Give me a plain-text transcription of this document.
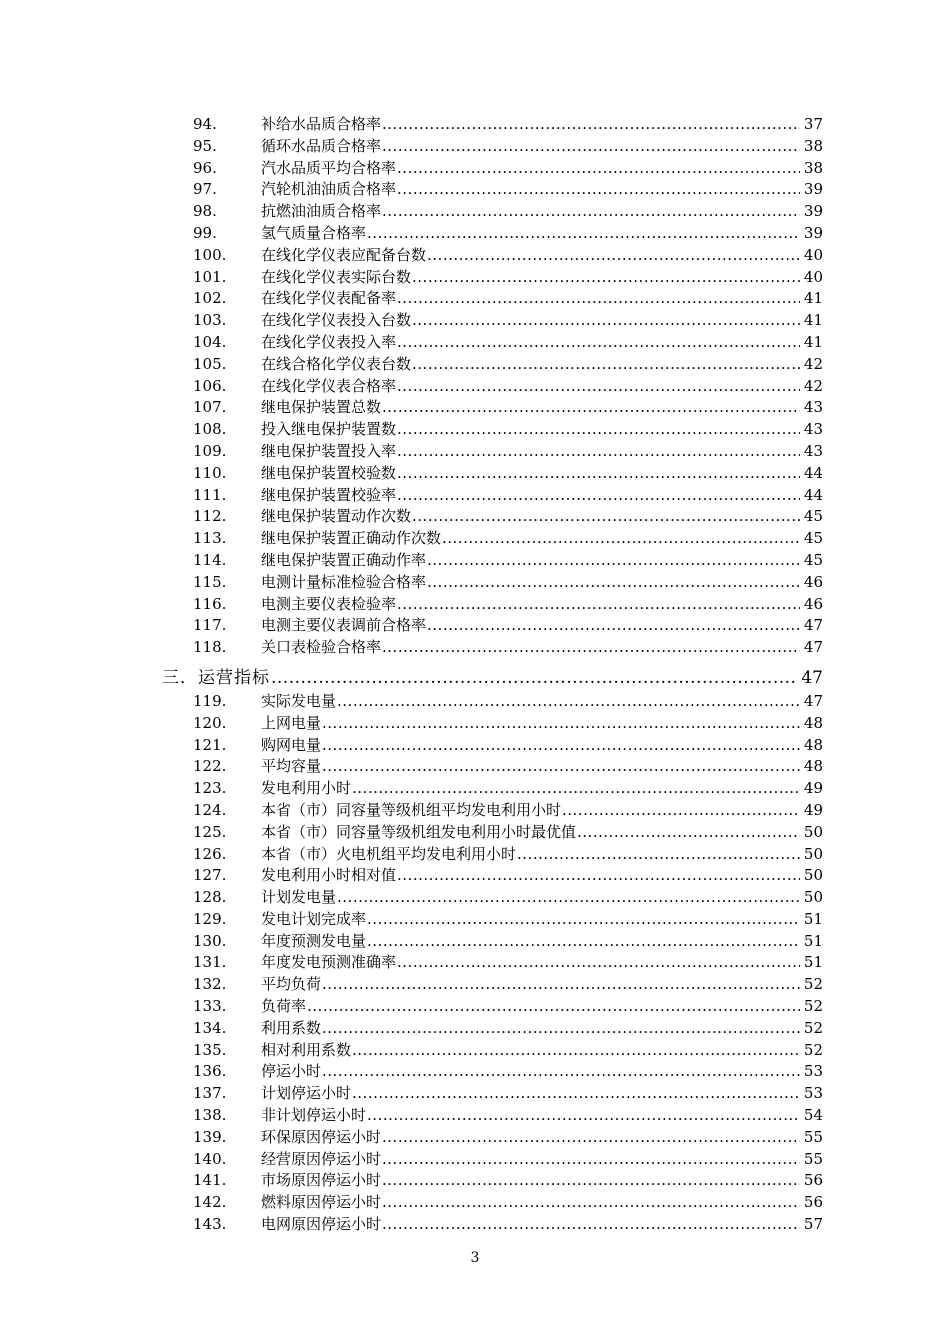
94.	补给水品质合格率 .....	37
95.	循环水品质合格率 .....	38
96.	汽水品质平均合格率 .....	38
97.	汽轮机油油质合格率 .....	39
98.	抗燃油油质合格率 .....	39
99.	氢气质量合格率 .....	39
100. 在线化学仪表应配备台数 .....	40
101. 在线化学仪表实际台数 .....	40
102. 在线化学仪表配备率 .....	41
103. 在线化学仪表投入台数 .....	41
104. 在线化学仪表投入率 .....	41
105. 在线合格化学仪表台数 .....	42
106. 在线化学仪表合格率 .....	42
107. 继电保护装置总数 .....	43
108. 投入继电保护装置数 .....	43
109. 继电保护装置投入率 .....	43
110. 继电保护装置校验数 .....	44
111. 继电保护装置校验率 .....	44
112. 继电保护装置动作次数 .....	45
113. 继电保护装置正确动作次数 .....	45
114. 继电保护装置正确动作率 .....	45
115. 电测计量标准检验合格率 .....	46
116. 电测主要仪表检验率 .....	46
117. 电测主要仪表调前合格率 .....	47
118. 关口表检验合格率 .....	47
三．运营指标 .....	47
119. 实际发电量 .....	47
120. 上网电量 .....	48
121. 购网电量 .....	48
122. 平均容量 .....	48
123. 发电利用小时 .....	49
124. 本省（市）同容量等级机组平均发电利用小时 .....	49
125. 本省（市）同容量等级机组发电利用小时最优值 .....	50
126. 本省（市）火电机组平均发电利用小时 .....	50
127. 发电利用小时相对值 .....	50
128. 计划发电量 .....	50
129. 发电计划完成率 .....	51
130. 年度预测发电量 .....	51
131. 年度发电预测准确率 .....	51
132. 平均负荷 .....	52
133. 负荷率 .....	52
134. 利用系数 .....	52
135. 相对利用系数 .....	52
136. 停运小时 .....	53
137. 计划停运小时 .....	53
138. 非计划停运小时 .....	54
139. 环保原因停运小时 .....	55
140. 经营原因停运小时 .....	55
141. 市场原因停运小时 .....	56
142. 燃料原因停运小时 .....	56
143. 电网原因停运小时 .....	57
3
